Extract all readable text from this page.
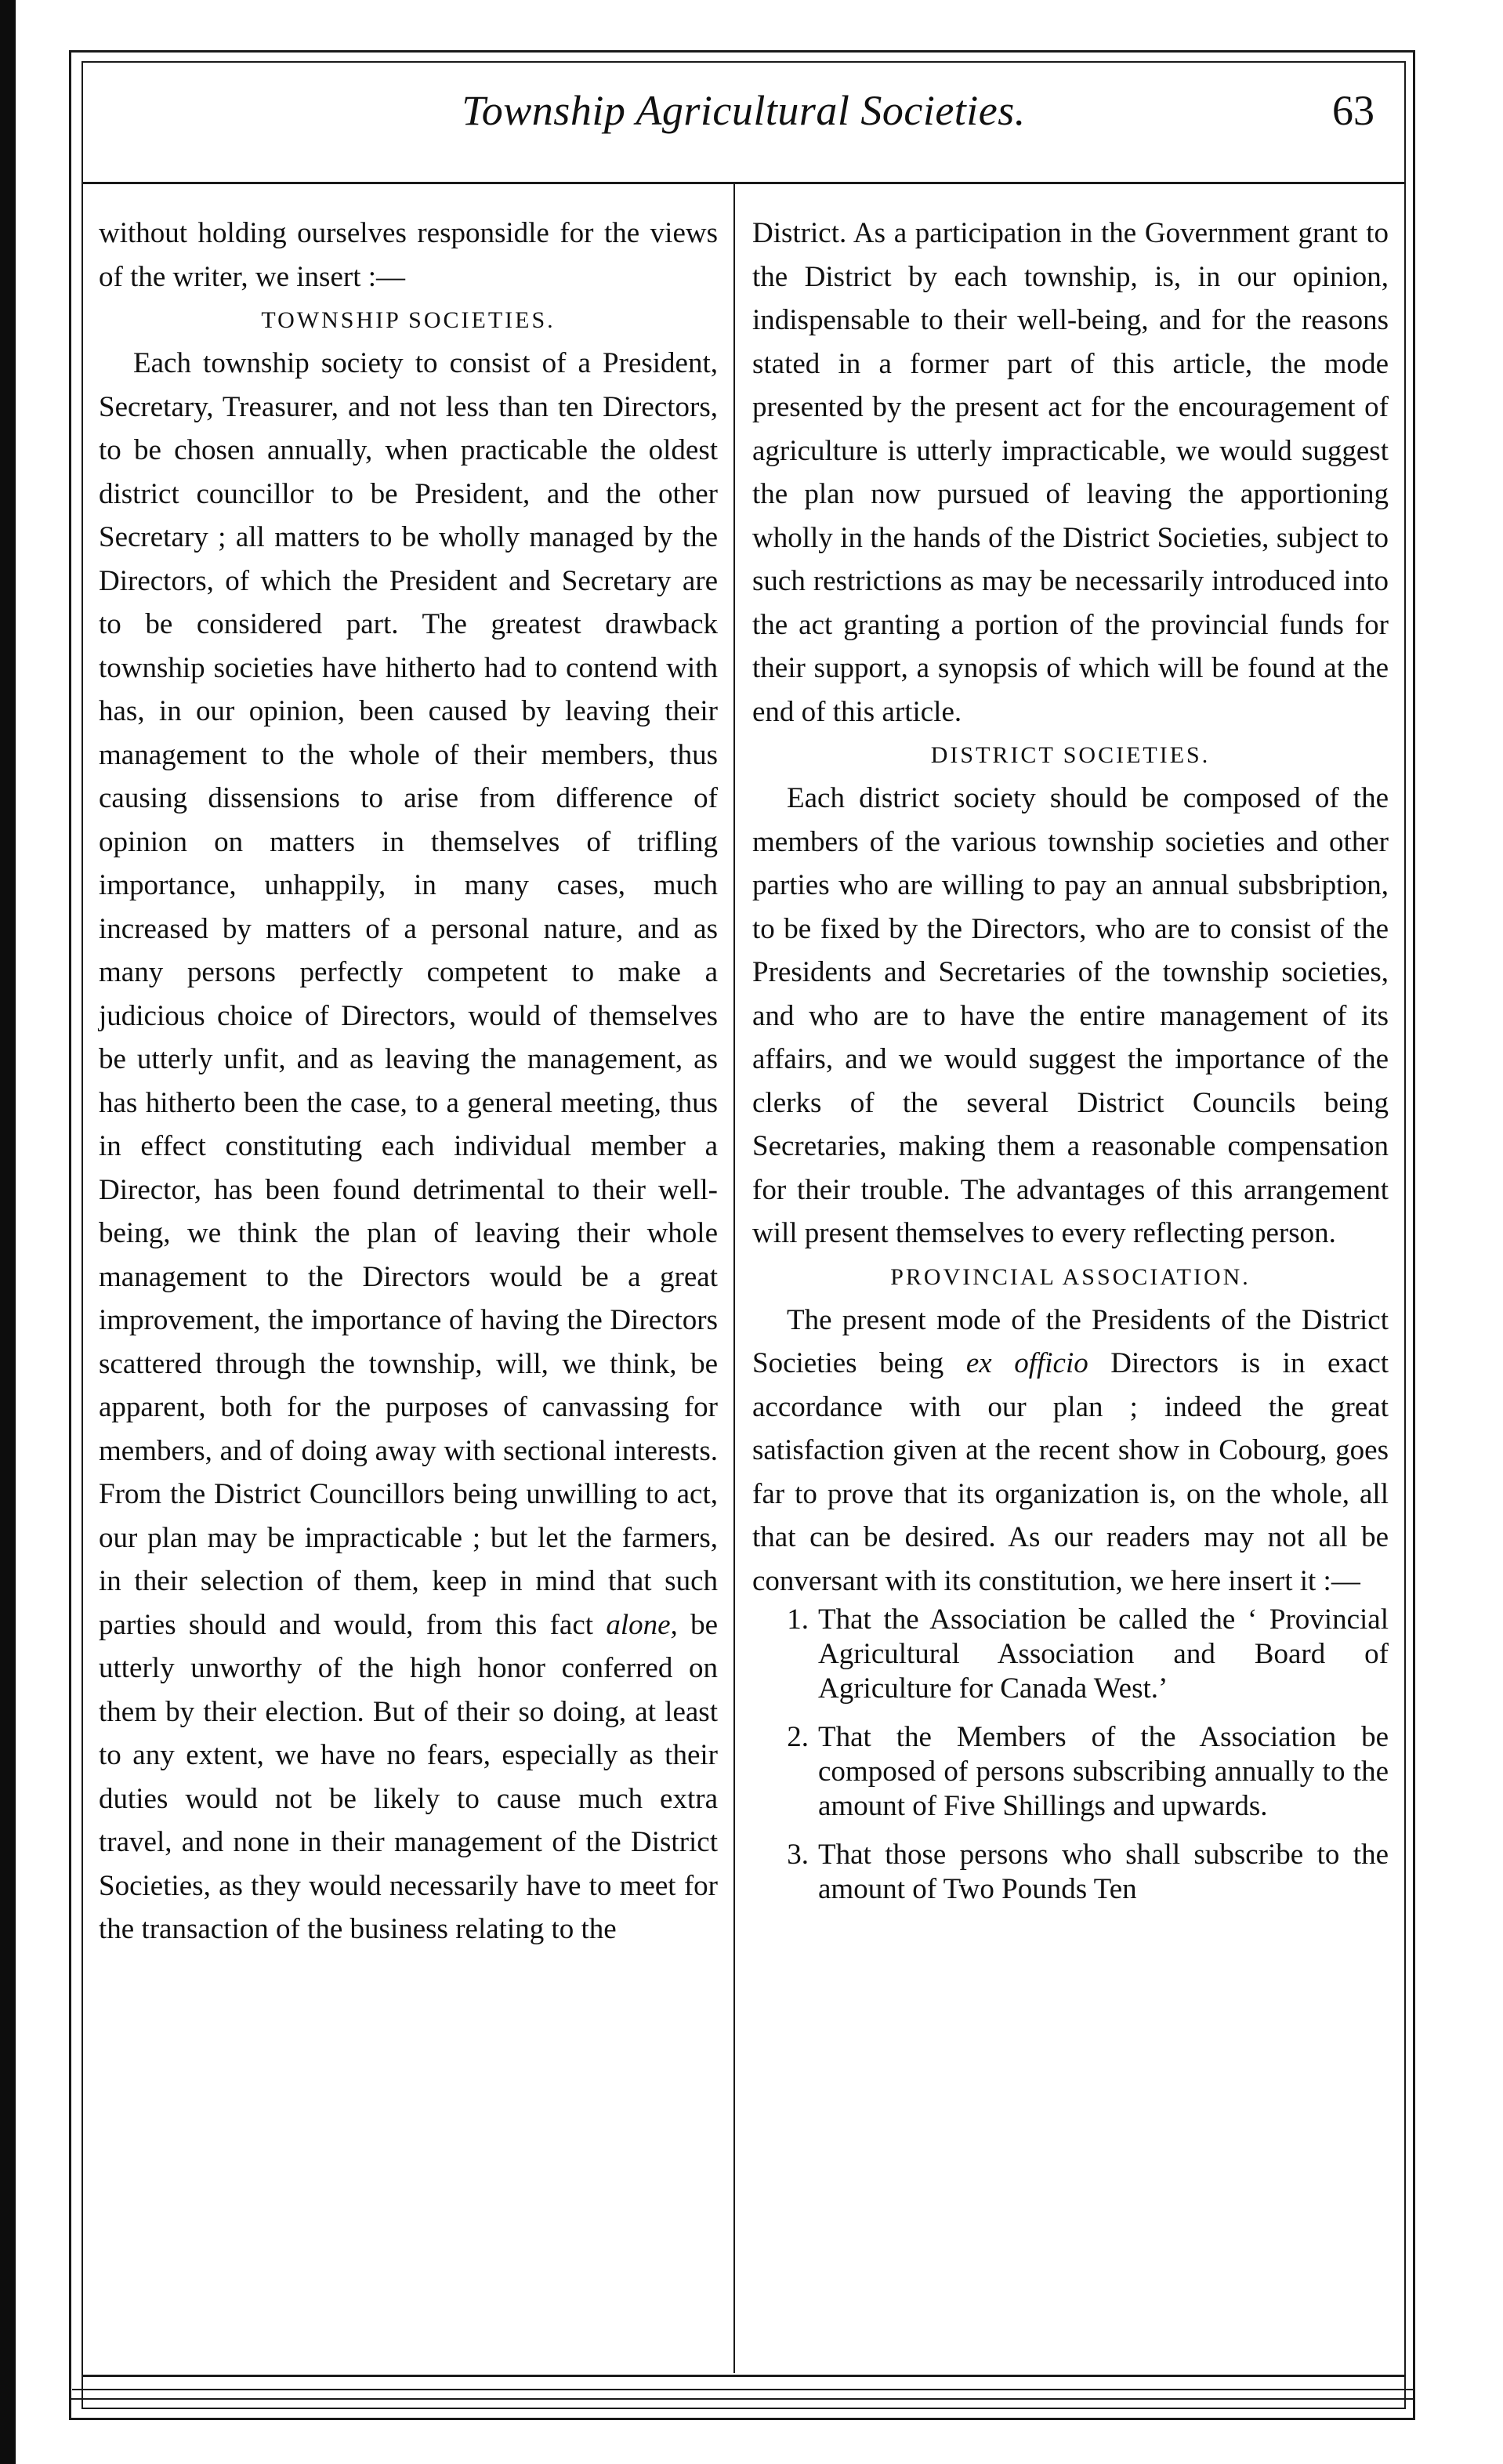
Township Agricultural Societies.	63

without holding ourselves responsidle for the views of the writer, we insert :—

TOWNSHIP SOCIETIES.

Each township society to consist of a President, Secretary, Treasurer, and not less than ten Directors, to be chosen annually, when practicable the oldest district councillor to be President, and the other Secretary ; all matters to be wholly managed by the Directors, of which the President and Secretary are to be considered part. The greatest drawback township societies have hitherto had to contend with has, in our opinion, been caused by leaving their management to the whole of their members, thus causing dissensions to arise from difference of opinion on matters in themselves of trifling importance, unhappily, in many cases, much increased by matters of a personal nature, and as many persons perfectly competent to make a judicious choice of Directors, would of themselves be utterly unfit, and as leaving the management, as has hitherto been the case, to a general meeting, thus in effect constituting each individual member a Director, has been found detrimental to their well-being, we think the plan of leaving their whole management to the Directors would be a great improvement, the importance of having the Directors scattered through the township, will, we think, be apparent, both for the purposes of canvassing for members, and of doing away with sectional interests. From the District Councillors being unwilling to act, our plan may be impracticable ; but let the farmers, in their selection of them, keep in mind that such parties should and would, from this fact alone, be utterly unworthy of the high honor conferred on them by their election. But of their so doing, at least to any extent, we have no fears, especially as their duties would not be likely to cause much extra travel, and none in their management of the District Societies, as they would necessarily have to meet for the transaction of the business relating to the

District. As a participation in the Government grant to the District by each township, is, in our opinion, indispensable to their well-being, and for the reasons stated in a former part of this article, the mode presented by the present act for the encouragement of agriculture is utterly impracticable, we would suggest the plan now pursued of leaving the apportioning wholly in the hands of the District Societies, subject to such restrictions as may be necessarily introduced into the act granting a portion of the provincial funds for their support, a synopsis of which will be found at the end of this article.

DISTRICT SOCIETIES.

Each district society should be composed of the members of the various township societies and other parties who are willing to pay an annual subsbription, to be fixed by the Directors, who are to consist of the Presidents and Secretaries of the township societies, and who are to have the entire management of its affairs, and we would suggest the importance of the clerks of the several District Councils being Secretaries, making them a reasonable compensation for their trouble. The advantages of this arrangement will present themselves to every reflecting person.

PROVINCIAL ASSOCIATION.

The present mode of the Presidents of the District Societies being ex officio Directors is in exact accordance with our plan ; indeed the great satisfaction given at the recent show in Cobourg, goes far to prove that its organization is, on the whole, all that can be desired. As our readers may not all be conversant with its constitution, we here insert it :—

1. That the Association be called the ‘ Provincial Agricultural Association and Board of Agriculture for Canada West.’
2. That the Members of the Association be composed of persons subscribing annually to the amount of Five Shillings and upwards.
3. That those persons who shall subscribe to the amount of Two Pounds Ten
